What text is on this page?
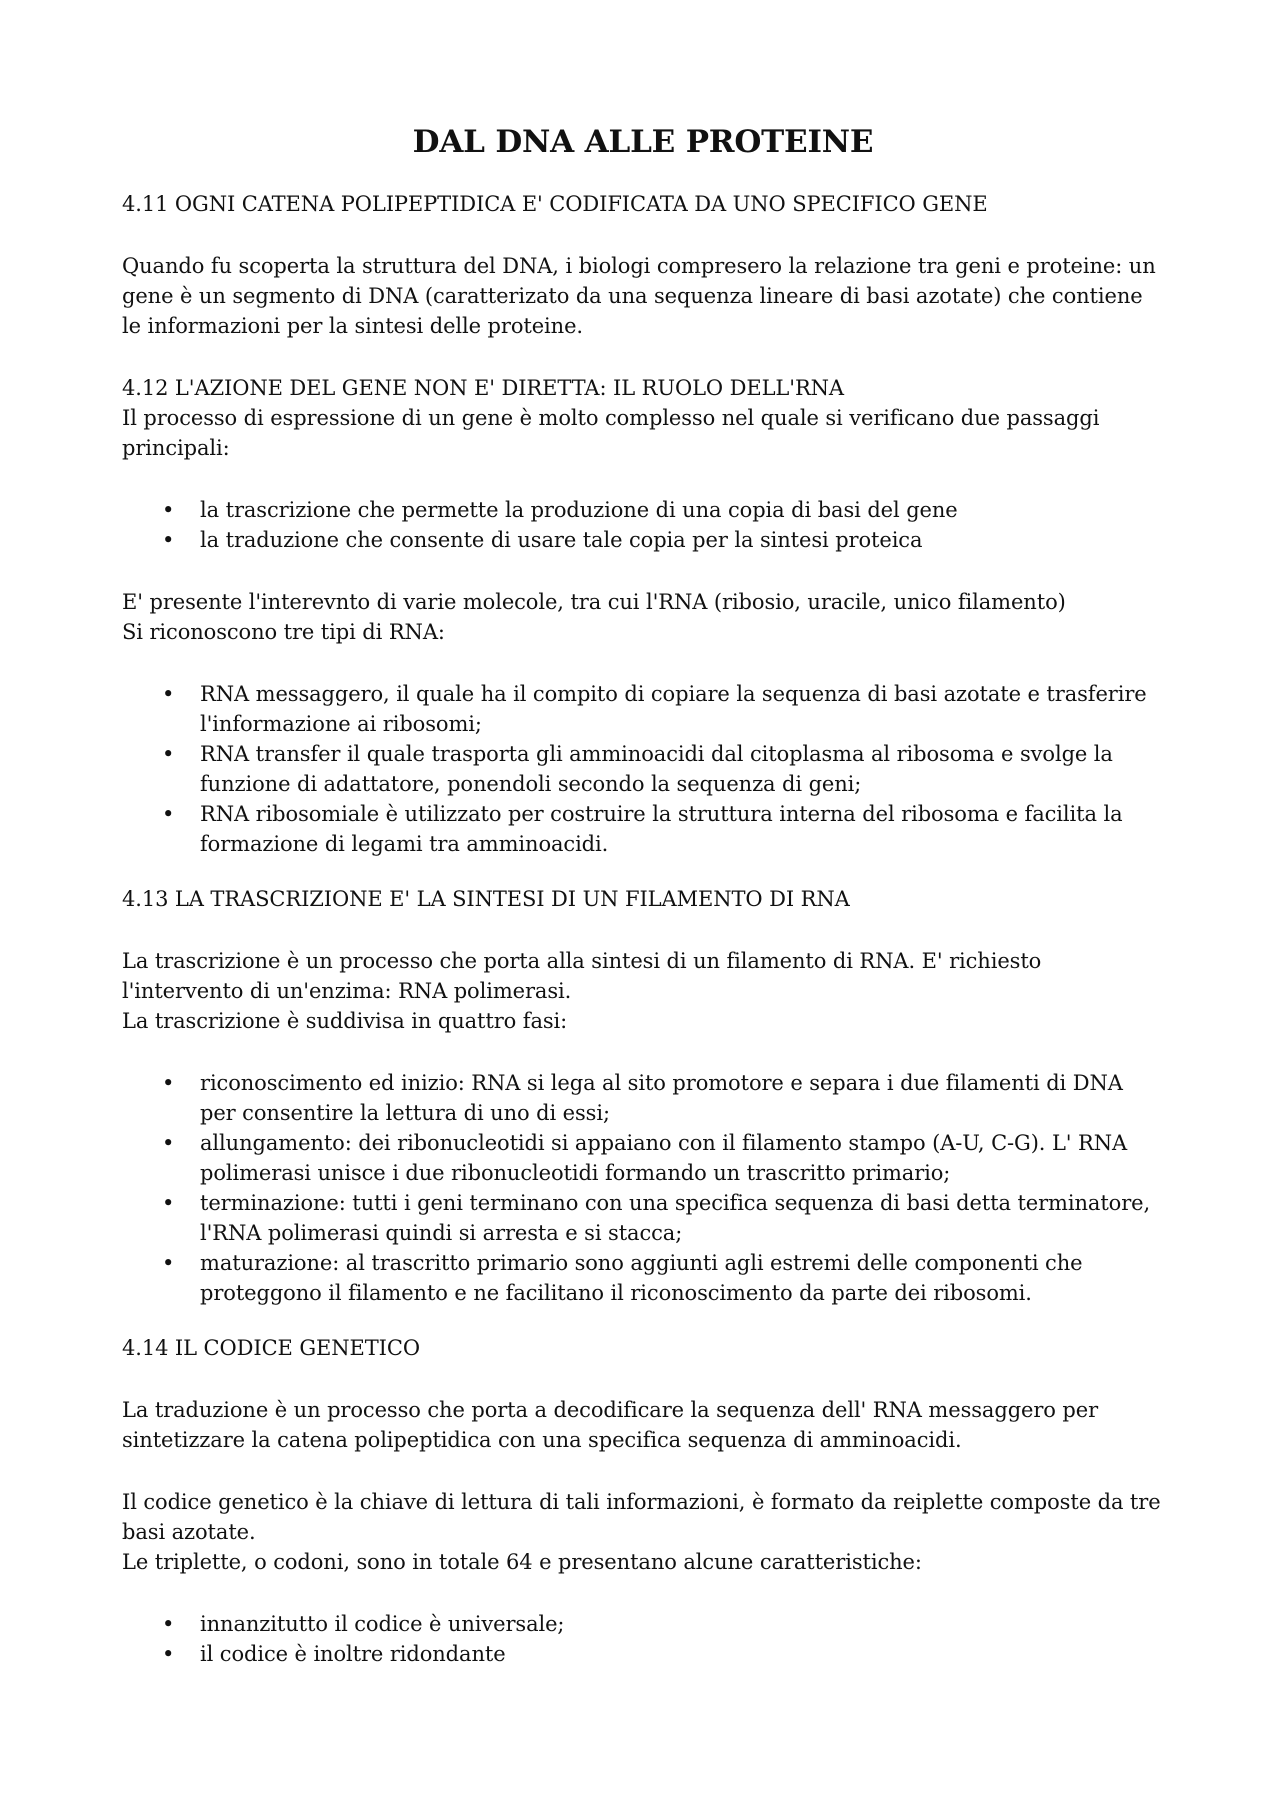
DAL DNA ALLE PROTEINE
4.11 OGNI CATENA POLIPEPTIDICA E' CODIFICATA DA UNO SPECIFICO GENE

Quando fu scoperta la struttura del DNA, i biologi compresero la relazione tra geni e proteine: un gene è un segmento di DNA (caratterizato da una sequenza lineare di basi azotate) che contiene le informazioni per la sintesi delle proteine.

4.12 L'AZIONE DEL GENE NON E' DIRETTA: IL RUOLO DELL'RNA

Il processo di espressione di un gene è molto complesso nel quale si verificano due passaggi principali:

•	la trascrizione che permette la produzione di una copia di basi del gene
•	la traduzione che consente di usare tale copia per la sintesi proteica

E' presente l'interevnto di varie molecole, tra cui l'RNA (ribosio, uracile, unico filamento)

Si riconoscono tre tipi di RNA:

•	RNA messaggero, il quale ha il compito di copiare la sequenza di basi azotate e trasferire l'informazione ai ribosomi;
•	RNA transfer il quale trasporta gli amminoacidi dal citoplasma al ribosoma e svolge la funzione di adattatore, ponendoli secondo la sequenza di geni;
•	RNA ribosomiale è utilizzato per costruire la struttura interna del ribosoma e facilita la formazione di legami tra amminoacidi.
4.13 LA TRASCRIZIONE E' LA SINTESI DI UN FILAMENTO DI RNA

La trascrizione è un processo che porta alla sintesi di un filamento di RNA. E' richiesto l'intervento di un'enzima: RNA polimerasi.

La trascrizione è suddivisa in quattro fasi:

•	riconoscimento ed inizio: RNA si lega al sito promotore e separa i due filamenti di DNA per consentire la lettura di uno di essi;
•	allungamento: dei ribonucleotidi si appaiano con il filamento stampo (A-U, C-G). L' RNA polimerasi unisce i due ribonucleotidi formando un trascritto primario;
•	terminazione: tutti i geni terminano con una specifica sequenza di basi detta terminatore, l'RNA polimerasi quindi si arresta e si stacca;
•	maturazione: al trascritto primario sono aggiunti agli estremi delle componenti che proteggono il filamento e ne facilitano il riconoscimento da parte dei ribosomi.
4.14 IL CODICE GENETICO

La traduzione è un processo che porta a decodificare la sequenza dell' RNA messaggero per sintetizzare la catena polipeptidica con una specifica sequenza di amminoacidi.

Il codice genetico è la chiave di lettura di tali informazioni, è formato da reiplette composte da tre basi azotate.

Le triplette, o codoni, sono in totale 64 e presentano alcune caratteristiche:

•	innanzitutto il codice è universale;
•	il codice è inoltre ridondante
